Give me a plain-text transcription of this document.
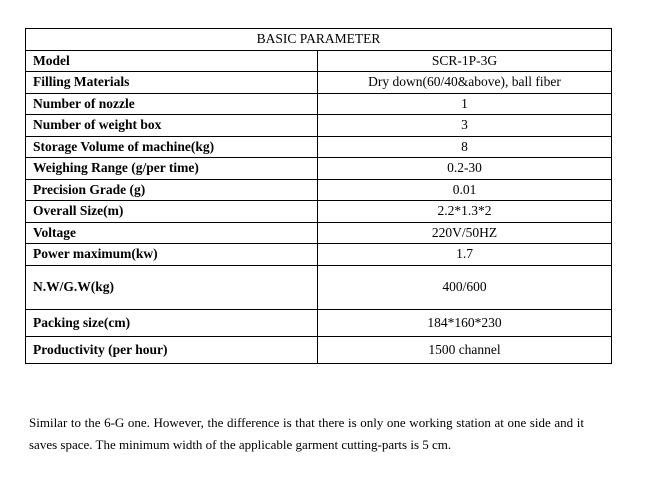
BASIC PARAMETER	
Model	SCR-1P-3G
Filling Materials	Dry down(60/40&above), ball fiber
Number of nozzle	1
Number of weight box	3
Storage Volume of machine(kg)	8
Weighing Range (g/per time)	0.2-30
Precision Grade (g)	0.01
Overall Size(m)	2.2*1.3*2
Voltage	220V/50HZ
Power maximum(kw)	1.7
N.W/G.W(kg)	400/600
Packing size(cm)	184*160*230
Productivity (per hour)	1500 channel

Similar to the 6-G one. However, the difference is that there is only one working station at one side and it saves space. The minimum width of the applicable garment cutting-parts is 5 cm.
